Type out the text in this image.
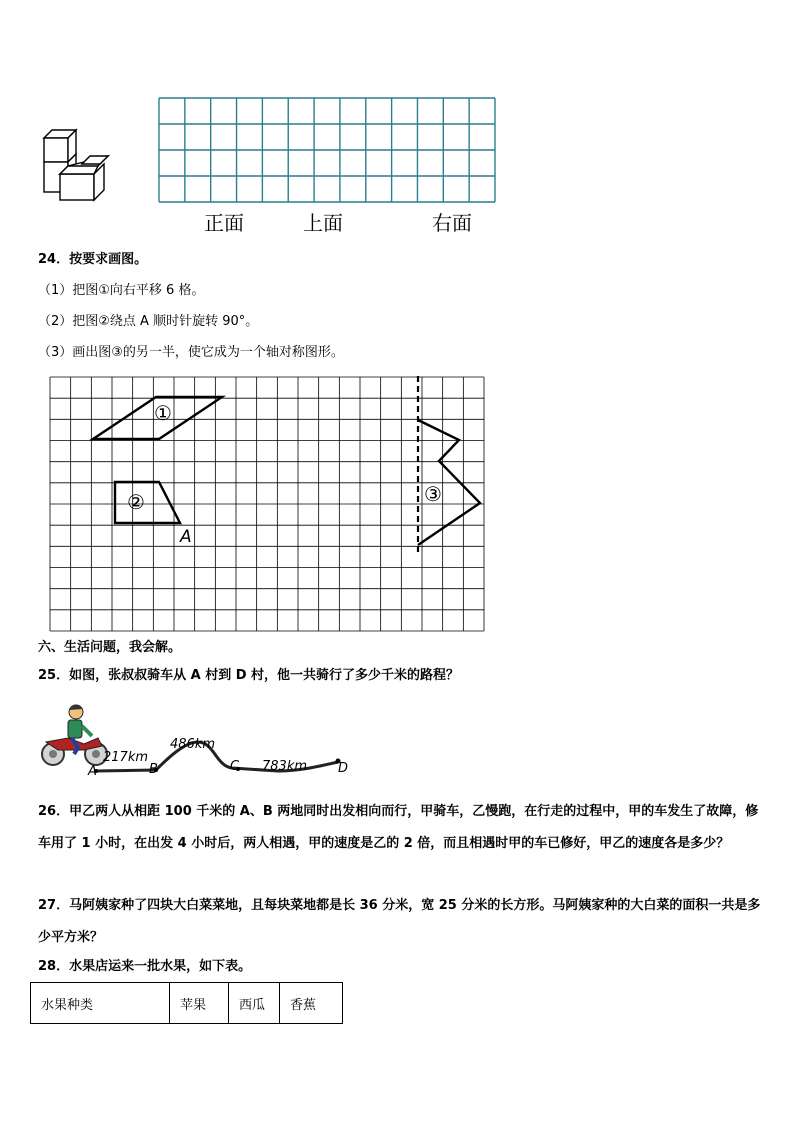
正面	上面	右面
24．按要求画图。
（1）把图①向右平移 6 格。
（2）把图②绕点 A 顺时针旋转 90°。
（3）画出图③的另一半，使它成为一个轴对称图形。
①
②
A
③
六、生活问题，我会解。
25．如图，张叔叔骑车从 A 村到 D 村，他一共骑行了多少千米的路程？
217km
486km
783km
A	B	C	D
26．甲乙两人从相距 100 千米的 A、B 两地同时出发相向而行，甲骑车，乙慢跑，在行走的过程中，甲的车发生了故障，修车用了 1 小时，在出发 4 小时后，两人相遇，甲的速度是乙的 2 倍，而且相遇时甲的车已修好，甲乙的速度各是多少？
27．马阿姨家种了四块大白菜菜地，且每块菜地都是长 36 分米，宽 25 分米的长方形。马阿姨家种的大白菜的面积一共是多少平方米？
28．水果店运来一批水果，如下表。
水果种类	苹果	西瓜	香蕉
